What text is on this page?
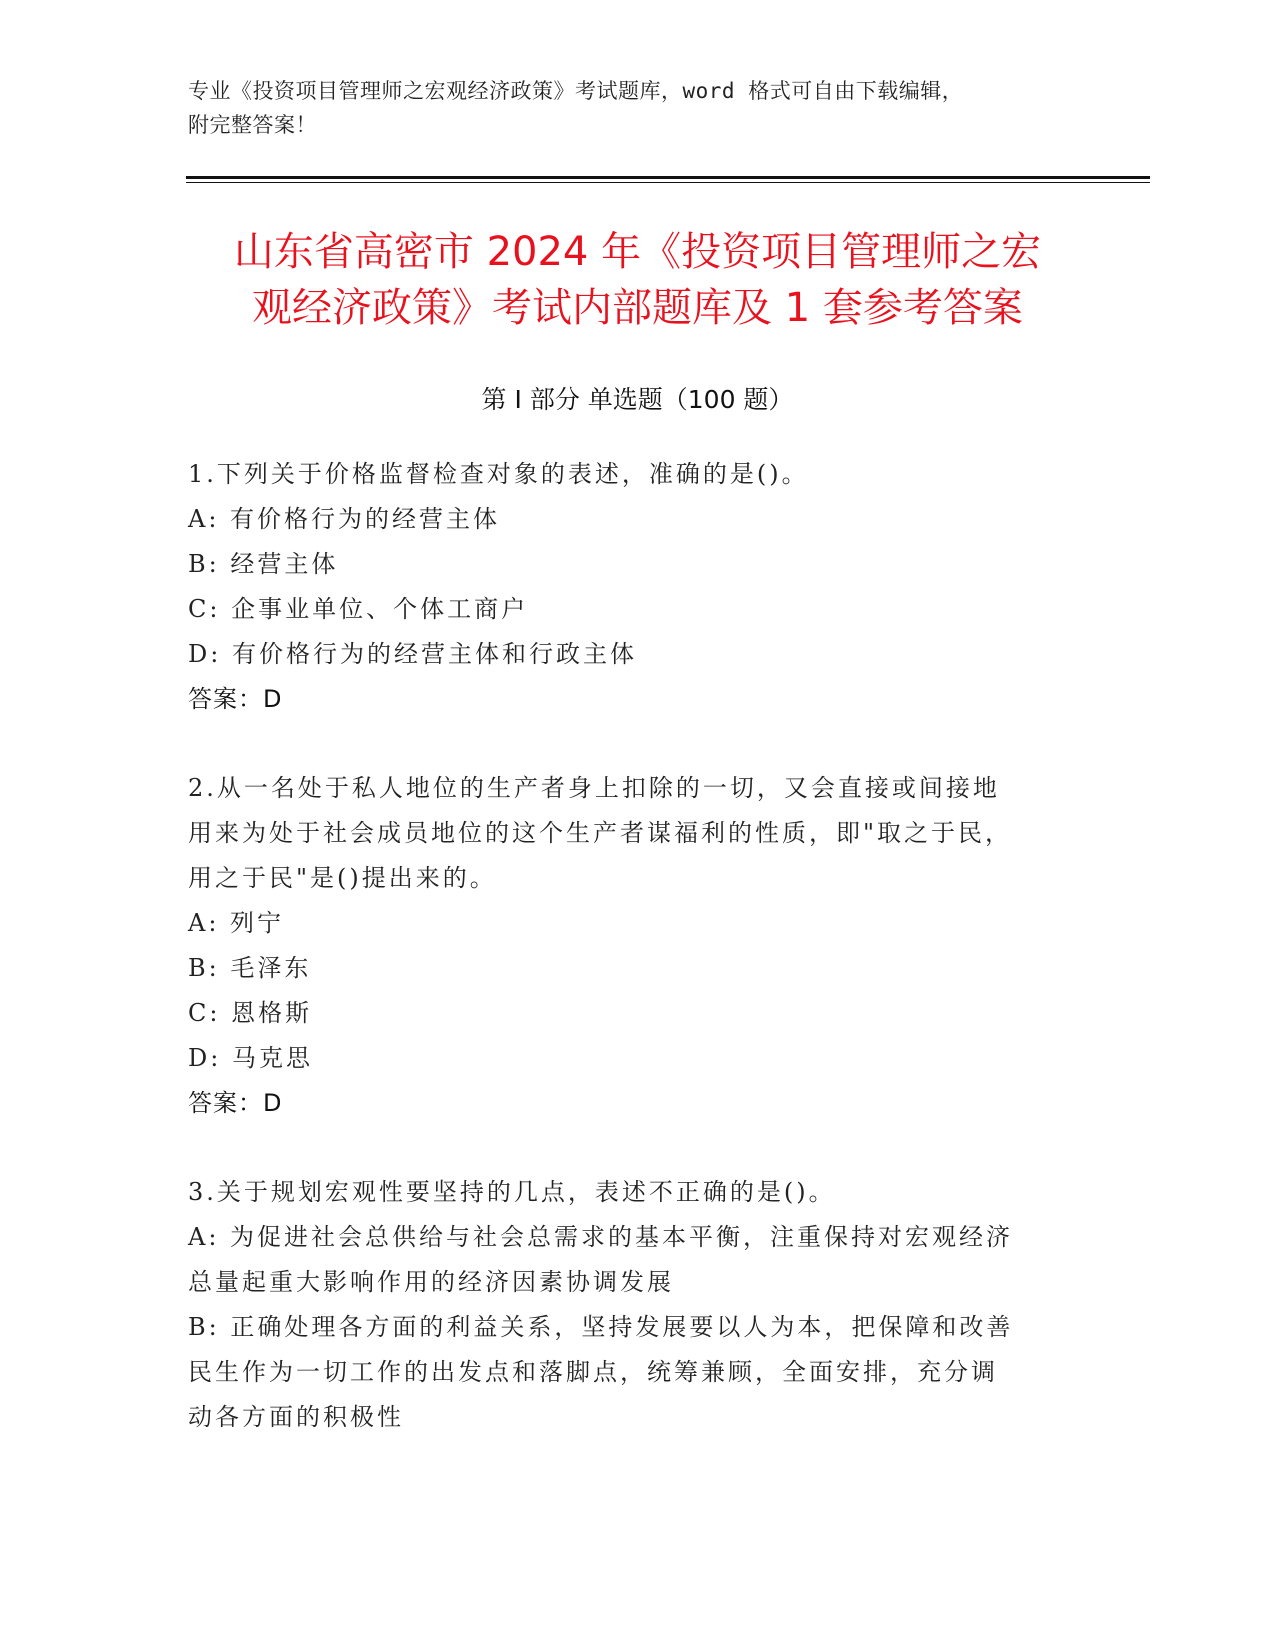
专业《投资项目管理师之宏观经济政策》考试题库，word 格式可自由下载编辑，
附完整答案！
山东省高密市 2024 年《投资项目管理师之宏
观经济政策》考试内部题库及 1 套参考答案
第 I 部分 单选题（100 题）
1.下列关于价格监督检查对象的表述，准确的是()。
A: 有价格行为的经营主体
B: 经营主体
C: 企事业单位、个体工商户
D: 有价格行为的经营主体和行政主体
答案：D
2.从一名处于私人地位的生产者身上扣除的一切，又会直接或间接地
用来为处于社会成员地位的这个生产者谋福利的性质，即"取之于民，
用之于民"是()提出来的。
A: 列宁
B: 毛泽东
C: 恩格斯
D: 马克思
答案：D
3.关于规划宏观性要坚持的几点，表述不正确的是()。
A: 为促进社会总供给与社会总需求的基本平衡，注重保持对宏观经济
总量起重大影响作用的经济因素协调发展
B: 正确处理各方面的利益关系，坚持发展要以人为本，把保障和改善
民生作为一切工作的出发点和落脚点，统筹兼顾，全面安排，充分调
动各方面的积极性
